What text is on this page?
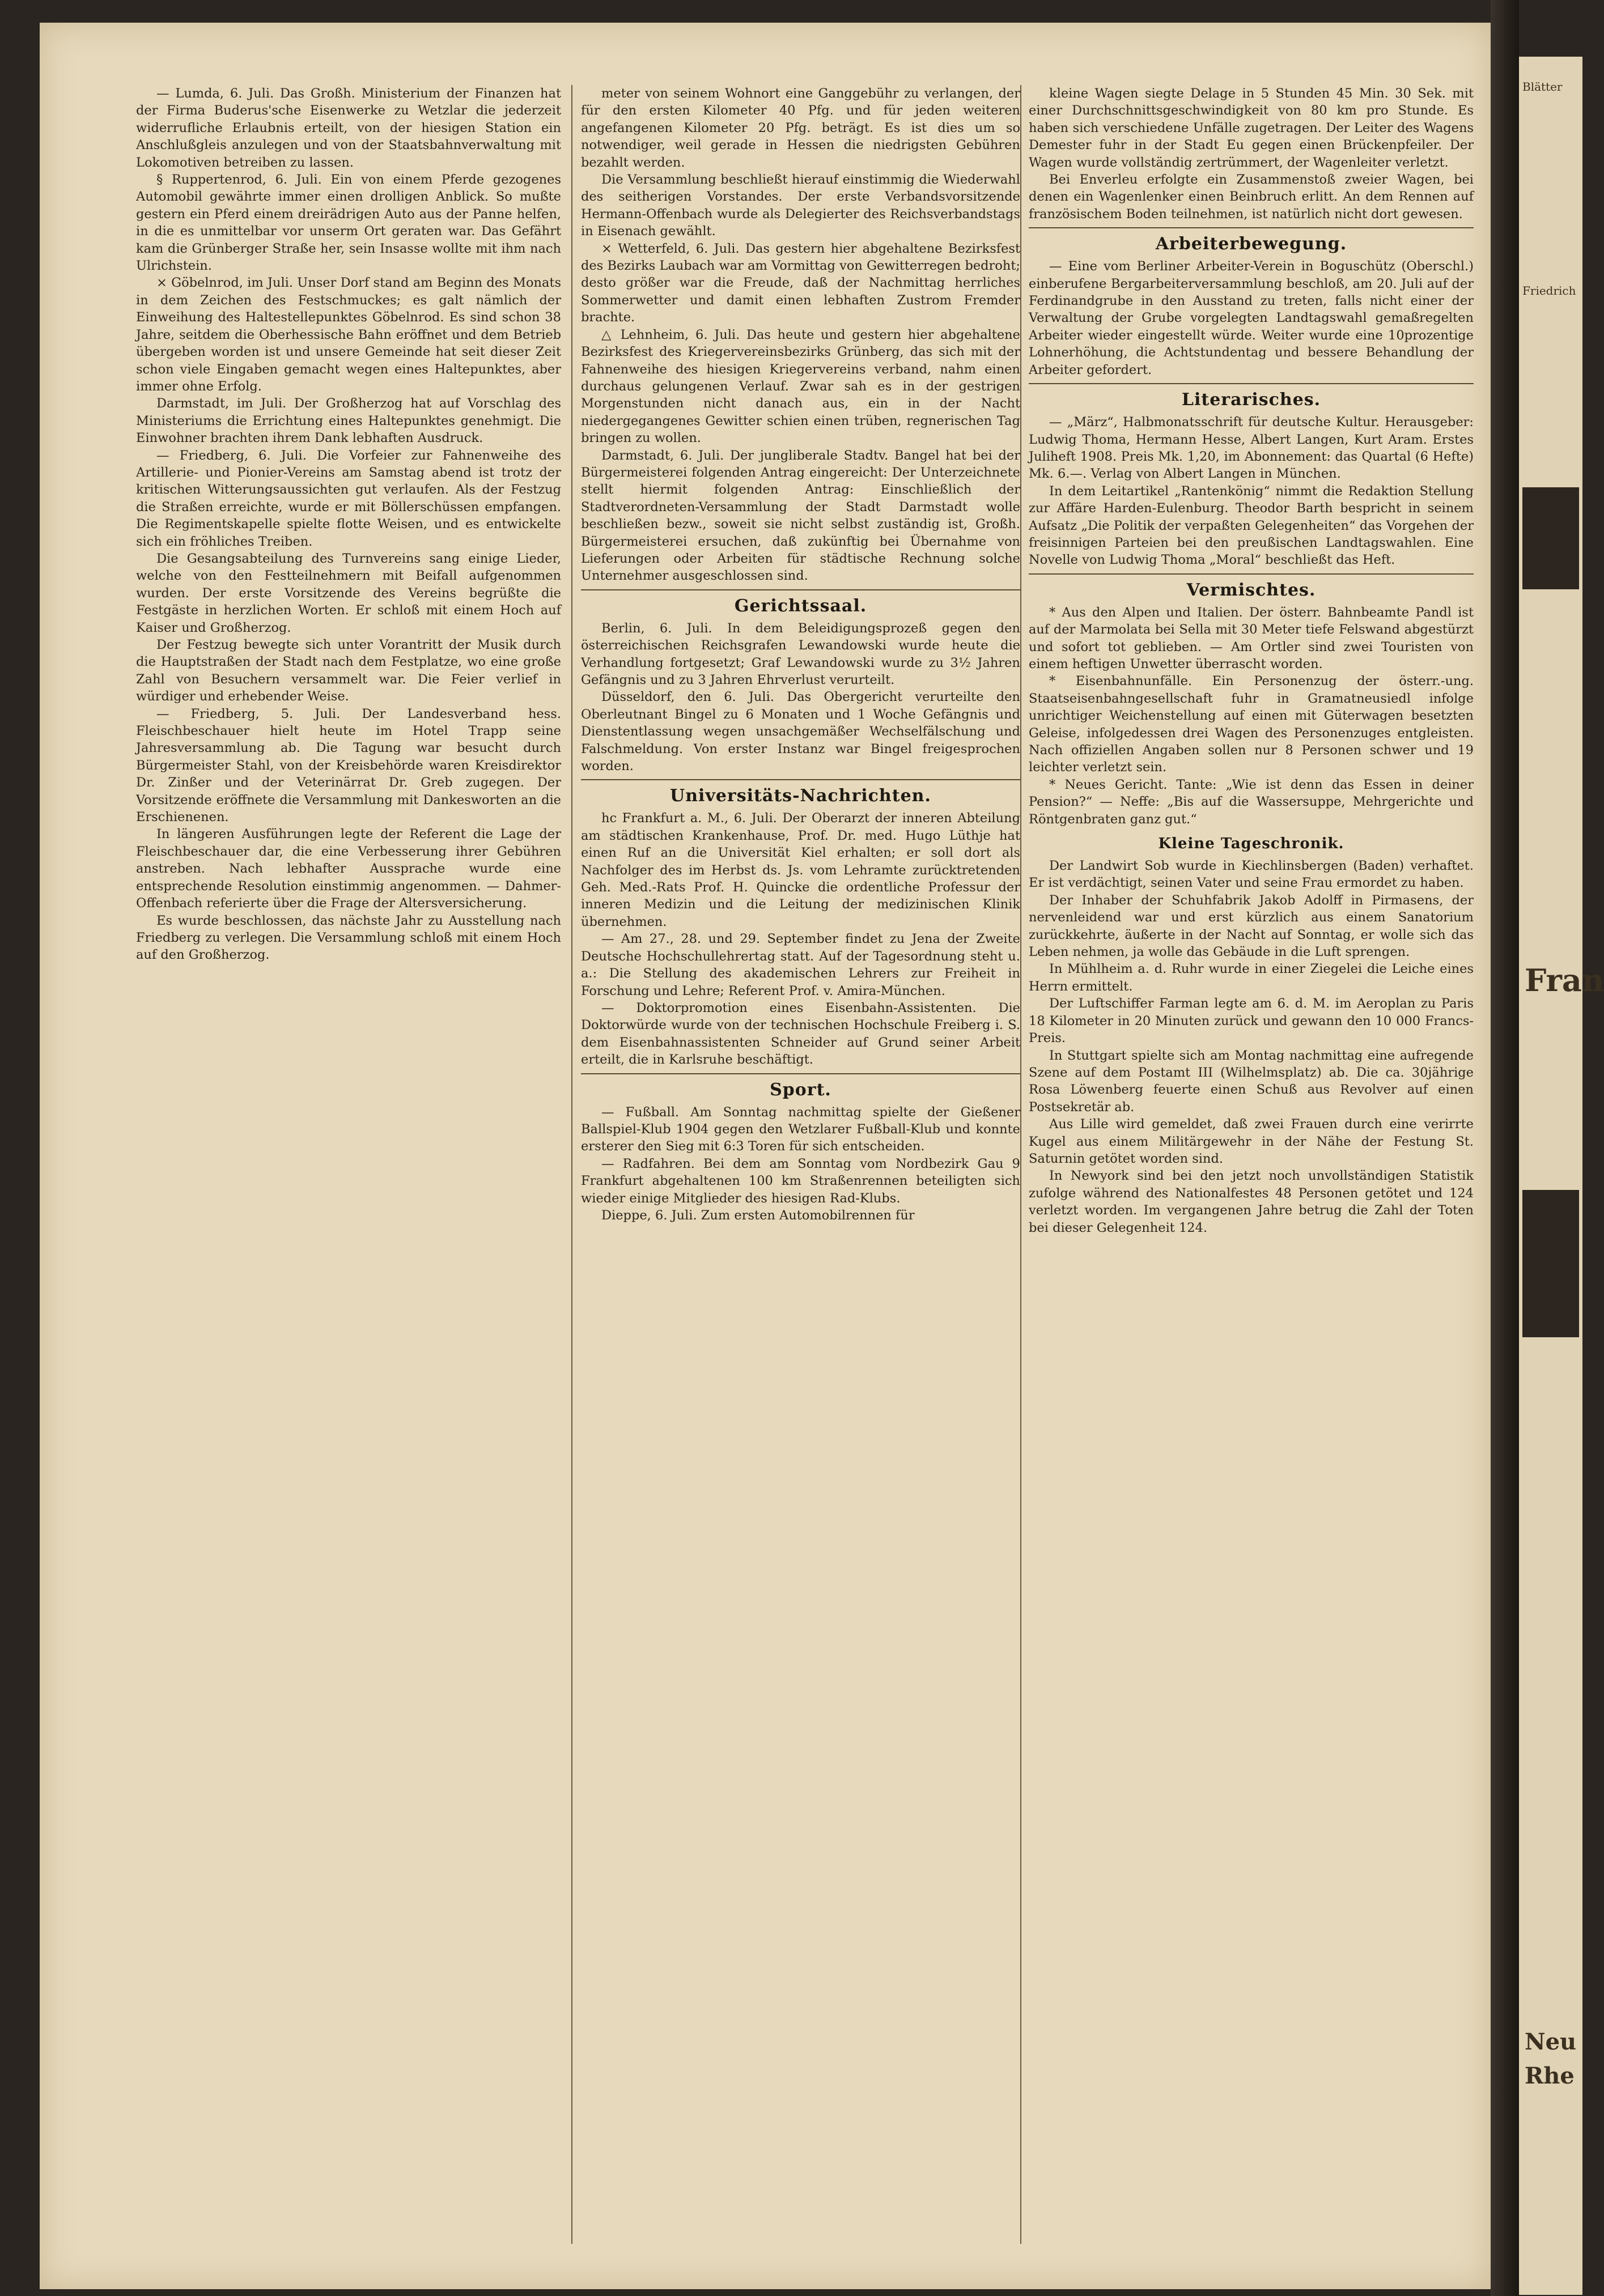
Blätter
Friedrich
Fran
Neu
Rhe

— Lumda, 6. Juli. Das Großh. Ministerium der Finanzen hat der Firma Buderus'sche Eisenwerke zu Wetzlar die jederzeit widerrufliche Erlaubnis erteilt, von der hiesigen Station ein Anschlußgleis anzulegen und von der Staatsbahnverwaltung mit Lokomotiven betreiben zu lassen.

§ Ruppertenrod, 6. Juli. Ein von einem Pferde gezogenes Automobil gewährte immer einen drolligen Anblick. So mußte gestern ein Pferd einem dreirädrigen Auto aus der Panne helfen, in die es unmittelbar vor unserm Ort geraten war. Das Gefährt kam die Grünberger Straße her, sein Insasse wollte mit ihm nach Ulrichstein.

× Göbelnrod, im Juli. Unser Dorf stand am Beginn des Monats in dem Zeichen des Festschmuckes; es galt nämlich der Einweihung des Haltestellepunktes Göbelnrod. Es sind schon 38 Jahre, seitdem die Oberhessische Bahn eröffnet und dem Betrieb übergeben worden ist und unsere Gemeinde hat seit dieser Zeit schon viele Eingaben gemacht wegen eines Haltepunktes, aber immer ohne Erfolg.

Darmstadt, im Juli. Der Großherzog hat auf Vorschlag des Ministeriums die Errichtung eines Haltepunktes genehmigt. Die Einwohner brachten ihrem Dank lebhaften Ausdruck.

— Friedberg, 6. Juli. Die Vorfeier zur Fahnenweihe des Artillerie- und Pionier-Vereins am Samstag abend ist trotz der kritischen Witterungsaussichten gut verlaufen. Als der Festzug die Straßen erreichte, wurde er mit Böllerschüssen empfangen. Die Regimentskapelle spielte flotte Weisen, und es entwickelte sich ein fröhliches Treiben.

Die Gesangsabteilung des Turnvereins sang einige Lieder, welche von den Festteilnehmern mit Beifall aufgenommen wurden. Der erste Vorsitzende des Vereins begrüßte die Festgäste in herzlichen Worten. Er schloß mit einem Hoch auf Kaiser und Großherzog.

Der Festzug bewegte sich unter Vorantritt der Musik durch die Hauptstraßen der Stadt nach dem Festplatze, wo eine große Zahl von Besuchern versammelt war. Die Feier verlief in würdiger und erhebender Weise.

— Friedberg, 5. Juli. Der Landesverband hess. Fleischbeschauer hielt heute im Hotel Trapp seine Jahresversammlung ab. Die Tagung war besucht durch Bürgermeister Stahl, von der Kreisbehörde waren Kreisdirektor Dr. Zinßer und der Veterinärrat Dr. Greb zugegen. Der Vorsitzende eröffnete die Versammlung mit Dankesworten an die Erschienenen.

In längeren Ausführungen legte der Referent die Lage der Fleischbeschauer dar, die eine Verbesserung ihrer Gebühren anstreben. Nach lebhafter Aussprache wurde eine entsprechende Resolution einstimmig angenommen. — Dahmer-Offenbach referierte über die Frage der Altersversicherung.

Es wurde beschlossen, das nächste Jahr zu Ausstellung nach Friedberg zu verlegen. Die Versammlung schloß mit einem Hoch auf den Großherzog.

meter von seinem Wohnort eine Ganggebühr zu verlangen, der für den ersten Kilometer 40 Pfg. und für jeden weiteren angefangenen Kilometer 20 Pfg. beträgt. Es ist dies um so notwendiger, weil gerade in Hessen die niedrigsten Gebühren bezahlt werden.

Die Versammlung beschließt hierauf einstimmig die Wiederwahl des seitherigen Vorstandes. Der erste Verbandsvorsitzende Hermann-Offenbach wurde als Delegierter des Reichsverbandstags in Eisenach gewählt.

× Wetterfeld, 6. Juli. Das gestern hier abgehaltene Bezirksfest des Bezirks Laubach war am Vormittag von Gewitterregen bedroht; desto größer war die Freude, daß der Nachmittag herrliches Sommerwetter und damit einen lebhaften Zustrom Fremder brachte.

△ Lehnheim, 6. Juli. Das heute und gestern hier abgehaltene Bezirksfest des Kriegervereinsbezirks Grünberg, das sich mit der Fahnenweihe des hiesigen Kriegervereins verband, nahm einen durchaus gelungenen Verlauf. Zwar sah es in der gestrigen Morgenstunden nicht danach aus, ein in der Nacht niedergegangenes Gewitter schien einen trüben, regnerischen Tag bringen zu wollen.

Darmstadt, 6. Juli. Der jungliberale Stadtv. Bangel hat bei der Bürgermeisterei folgenden Antrag eingereicht: Der Unterzeichnete stellt hiermit folgenden Antrag: Einschließlich der Stadtverordneten-Versammlung der Stadt Darmstadt wolle beschließen bezw., soweit sie nicht selbst zuständig ist, Großh. Bürgermeisterei ersuchen, daß zukünftig bei Übernahme von Lieferungen oder Arbeiten für städtische Rechnung solche Unternehmer ausgeschlossen sind.

Gerichtssaal.

Berlin, 6. Juli. In dem Beleidigungsprozeß gegen den österreichischen Reichsgrafen Lewandowski wurde heute die Verhandlung fortgesetzt; Graf Lewandowski wurde zu 3½ Jahren Gefängnis und zu 3 Jahren Ehrverlust verurteilt.

Düsseldorf, den 6. Juli. Das Obergericht verurteilte den Oberleutnant Bingel zu 6 Monaten und 1 Woche Gefängnis und Dienstentlassung wegen unsachgemäßer Wechselfälschung und Falschmeldung. Von erster Instanz war Bingel freigesprochen worden.

Universitäts-Nachrichten.

hc Frankfurt a. M., 6. Juli. Der Oberarzt der inneren Abteilung am städtischen Krankenhause, Prof. Dr. med. Hugo Lüthje hat einen Ruf an die Universität Kiel erhalten; er soll dort als Nachfolger des im Herbst ds. Js. vom Lehramte zurücktretenden Geh. Med.-Rats Prof. H. Quincke die ordentliche Professur der inneren Medizin und die Leitung der medizinischen Klinik übernehmen.

— Am 27., 28. und 29. September findet zu Jena der Zweite Deutsche Hochschullehrertag statt. Auf der Tagesordnung steht u. a.: Die Stellung des akademischen Lehrers zur Freiheit in Forschung und Lehre; Referent Prof. v. Amira-München.

— Doktorpromotion eines Eisenbahn-Assistenten. Die Doktorwürde wurde von der technischen Hochschule Freiberg i. S. dem Eisenbahnassistenten Schneider auf Grund seiner Arbeit erteilt, die in Karlsruhe beschäftigt.

Sport.

— Fußball. Am Sonntag nachmittag spielte der Gießener Ballspiel-Klub 1904 gegen den Wetzlarer Fußball-Klub und konnte ersterer den Sieg mit 6:3 Toren für sich entscheiden.

— Radfahren. Bei dem am Sonntag vom Nordbezirk Gau 9 Frankfurt abgehaltenen 100 km Straßenrennen beteiligten sich wieder einige Mitglieder des hiesigen Rad-Klubs.

Dieppe, 6. Juli. Zum ersten Automobilrennen für

kleine Wagen siegte Delage in 5 Stunden 45 Min. 30 Sek. mit einer Durchschnittsgeschwindigkeit von 80 km pro Stunde. Es haben sich verschiedene Unfälle zugetragen. Der Leiter des Wagens Demester fuhr in der Stadt Eu gegen einen Brückenpfeiler. Der Wagen wurde vollständig zertrümmert, der Wagenleiter verletzt.

Bei Enverleu erfolgte ein Zusammenstoß zweier Wagen, bei denen ein Wagenlenker einen Beinbruch erlitt. An dem Rennen auf französischem Boden teilnehmen, ist natürlich nicht dort gewesen.

Arbeiterbewegung.

— Eine vom Berliner Arbeiter-Verein in Boguschütz (Oberschl.) einberufene Bergarbeiterversammlung beschloß, am 20. Juli auf der Ferdinandgrube in den Ausstand zu treten, falls nicht einer der Verwaltung der Grube vorgelegten Landtagswahl gemaßregelten Arbeiter wieder eingestellt würde. Weiter wurde eine 10prozentige Lohnerhöhung, die Achtstundentag und bessere Behandlung der Arbeiter gefordert.

Literarisches.

— „März“, Halbmonatsschrift für deutsche Kultur. Herausgeber: Ludwig Thoma, Hermann Hesse, Albert Langen, Kurt Aram. Erstes Juliheft 1908. Preis Mk. 1,20, im Abonnement: das Quartal (6 Hefte) Mk. 6.—. Verlag von Albert Langen in München.

In dem Leitartikel „Rantenkönig“ nimmt die Redaktion Stellung zur Affäre Harden-Eulenburg. Theodor Barth bespricht in seinem Aufsatz „Die Politik der verpaßten Gelegenheiten“ das Vorgehen der freisinnigen Parteien bei den preußischen Landtagswahlen. Eine Novelle von Ludwig Thoma „Moral“ beschließt das Heft.

Vermischtes.

* Aus den Alpen und Italien. Der österr. Bahnbeamte Pandl ist auf der Marmolata bei Sella mit 30 Meter tiefe Felswand abgestürzt und sofort tot geblieben. — Am Ortler sind zwei Touristen von einem heftigen Unwetter überrascht worden.

* Eisenbahnunfälle. Ein Personenzug der österr.-ung. Staatseisenbahngesellschaft fuhr in Gramatneusiedl infolge unrichtiger Weichenstellung auf einen mit Güterwagen besetzten Geleise, infolgedessen drei Wagen des Personenzuges entgleisten. Nach offiziellen Angaben sollen nur 8 Personen schwer und 19 leichter verletzt sein.

* Neues Gericht. Tante: „Wie ist denn das Essen in deiner Pension?“ — Neffe: „Bis auf die Wassersuppe, Mehrgerichte und Röntgenbraten ganz gut.“

Kleine Tageschronik.

Der Landwirt Sob wurde in Kiechlinsbergen (Baden) verhaftet. Er ist verdächtigt, seinen Vater und seine Frau ermordet zu haben.

Der Inhaber der Schuhfabrik Jakob Adolff in Pirmasens, der nervenleidend war und erst kürzlich aus einem Sanatorium zurückkehrte, äußerte in der Nacht auf Sonntag, er wolle sich das Leben nehmen, ja wolle das Gebäude in die Luft sprengen.

In Mühlheim a. d. Ruhr wurde in einer Ziegelei die Leiche eines Herrn ermittelt.

Der Luftschiffer Farman legte am 6. d. M. im Aeroplan zu Paris 18 Kilometer in 20 Minuten zurück und gewann den 10 000 Francs-Preis.

In Stuttgart spielte sich am Montag nachmittag eine aufregende Szene auf dem Postamt III (Wilhelmsplatz) ab. Die ca. 30jährige Rosa Löwenberg feuerte einen Schuß aus Revolver auf einen Postsekretär ab.

Aus Lille wird gemeldet, daß zwei Frauen durch eine verirrte Kugel aus einem Militärgewehr in der Nähe der Festung St. Saturnin getötet worden sind.

In Newyork sind bei den jetzt noch unvollständigen Statistik zufolge während des Nationalfestes 48 Personen getötet und 124 verletzt worden. Im vergangenen Jahre betrug die Zahl der Toten bei dieser Gelegenheit 124.
